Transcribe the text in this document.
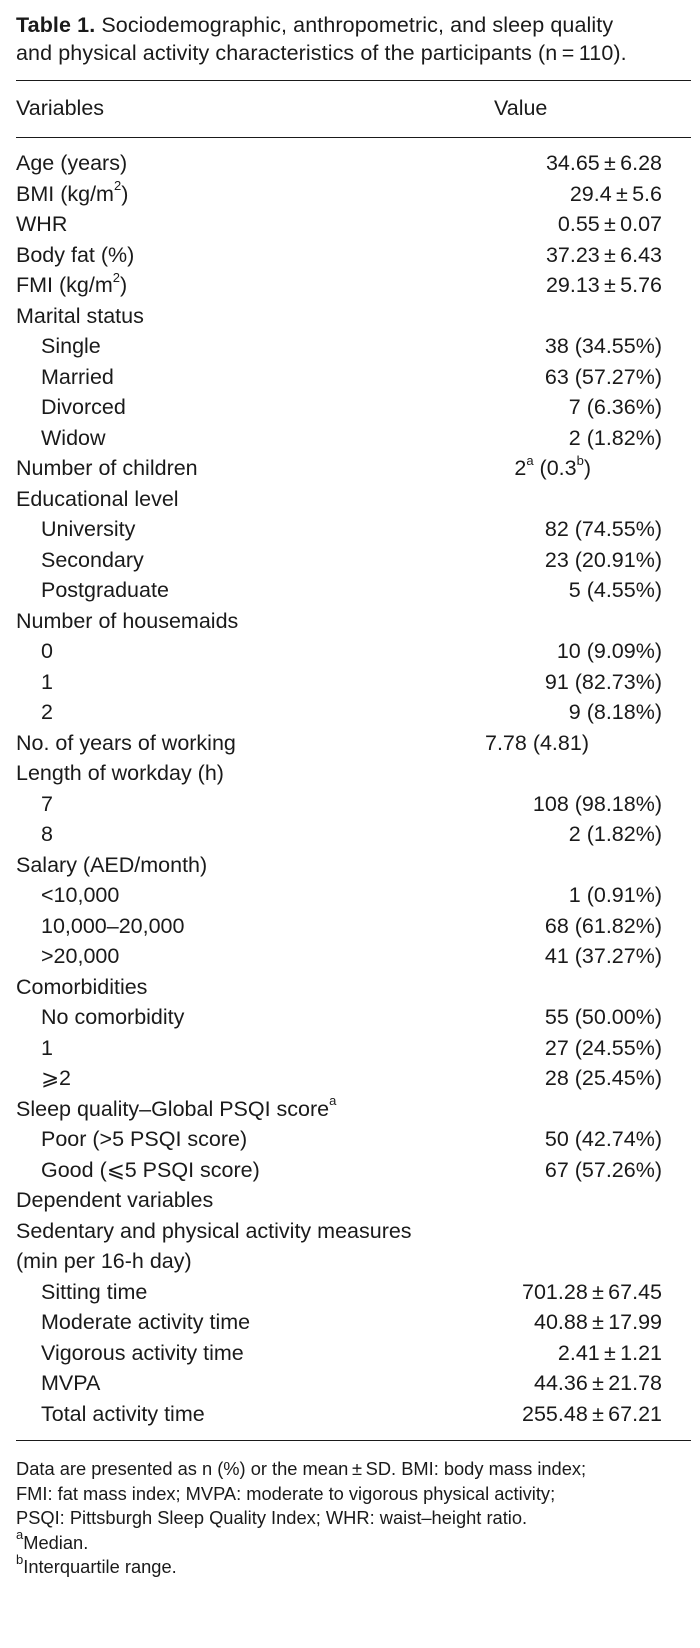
Table 1. Sociodemographic, anthropometric, and sleep quality
and physical activity characteristics of the participants (n = 110).
Variables	Value
Age (years)	34.65 ± 6.28
BMI $(kg/m^2)$	29.4 ± 5.6
WHR	0.55 ± 0.07
Body fat (%)	37.23 ± 6.43
FMI $(kg/m^2)$	29.13 ± 5.76
Marital status
Single	38 (34.55%)
Married	63 (57.27%)
Divorced	7 (6.36%)
Widow	2 (1.82%)
Number of children	2$^a$ (0.3$^b$)
Educational level
University	82 (74.55%)
Secondary	23 (20.91%)
Postgraduate	5 (4.55%)
Number of housemaids
0	10 (9.09%)
1	91 (82.73%)
2	9 (8.18%)
No. of years of working	7.78 (4.81)
Length of workday (h)
7	108 (98.18%)
8	2 (1.82%)
Salary (AED/month)
<10,000	1 (0.91%)
10,000–20,000	68 (61.82%)
>20,000	41 (37.27%)
Comorbidities
No comorbidity	55 (50.00%)
1	27 (24.55%)
⩾2	28 (25.45%)
Sleep quality–Global PSQI score$^a$
Poor (>5 PSQI score)	50 (42.74%)
Good (⩽5 PSQI score)	67 (57.26%)
Dependent variables
Sedentary and physical activity measures
(min per 16-h day)
Sitting time	701.28 ± 67.45
Moderate activity time	40.88 ± 17.99
Vigorous activity time	2.41 ± 1.21
MVPA	44.36 ± 21.78
Total activity time	255.48 ± 67.21
Data are presented as n (%) or the mean ± SD. BMI: body mass index;
FMI: fat mass index; MVPA: moderate to vigorous physical activity;
PSQI: Pittsburgh Sleep Quality Index; WHR: waist–height ratio.
$^a$Median.
$^b$Interquartile range.
